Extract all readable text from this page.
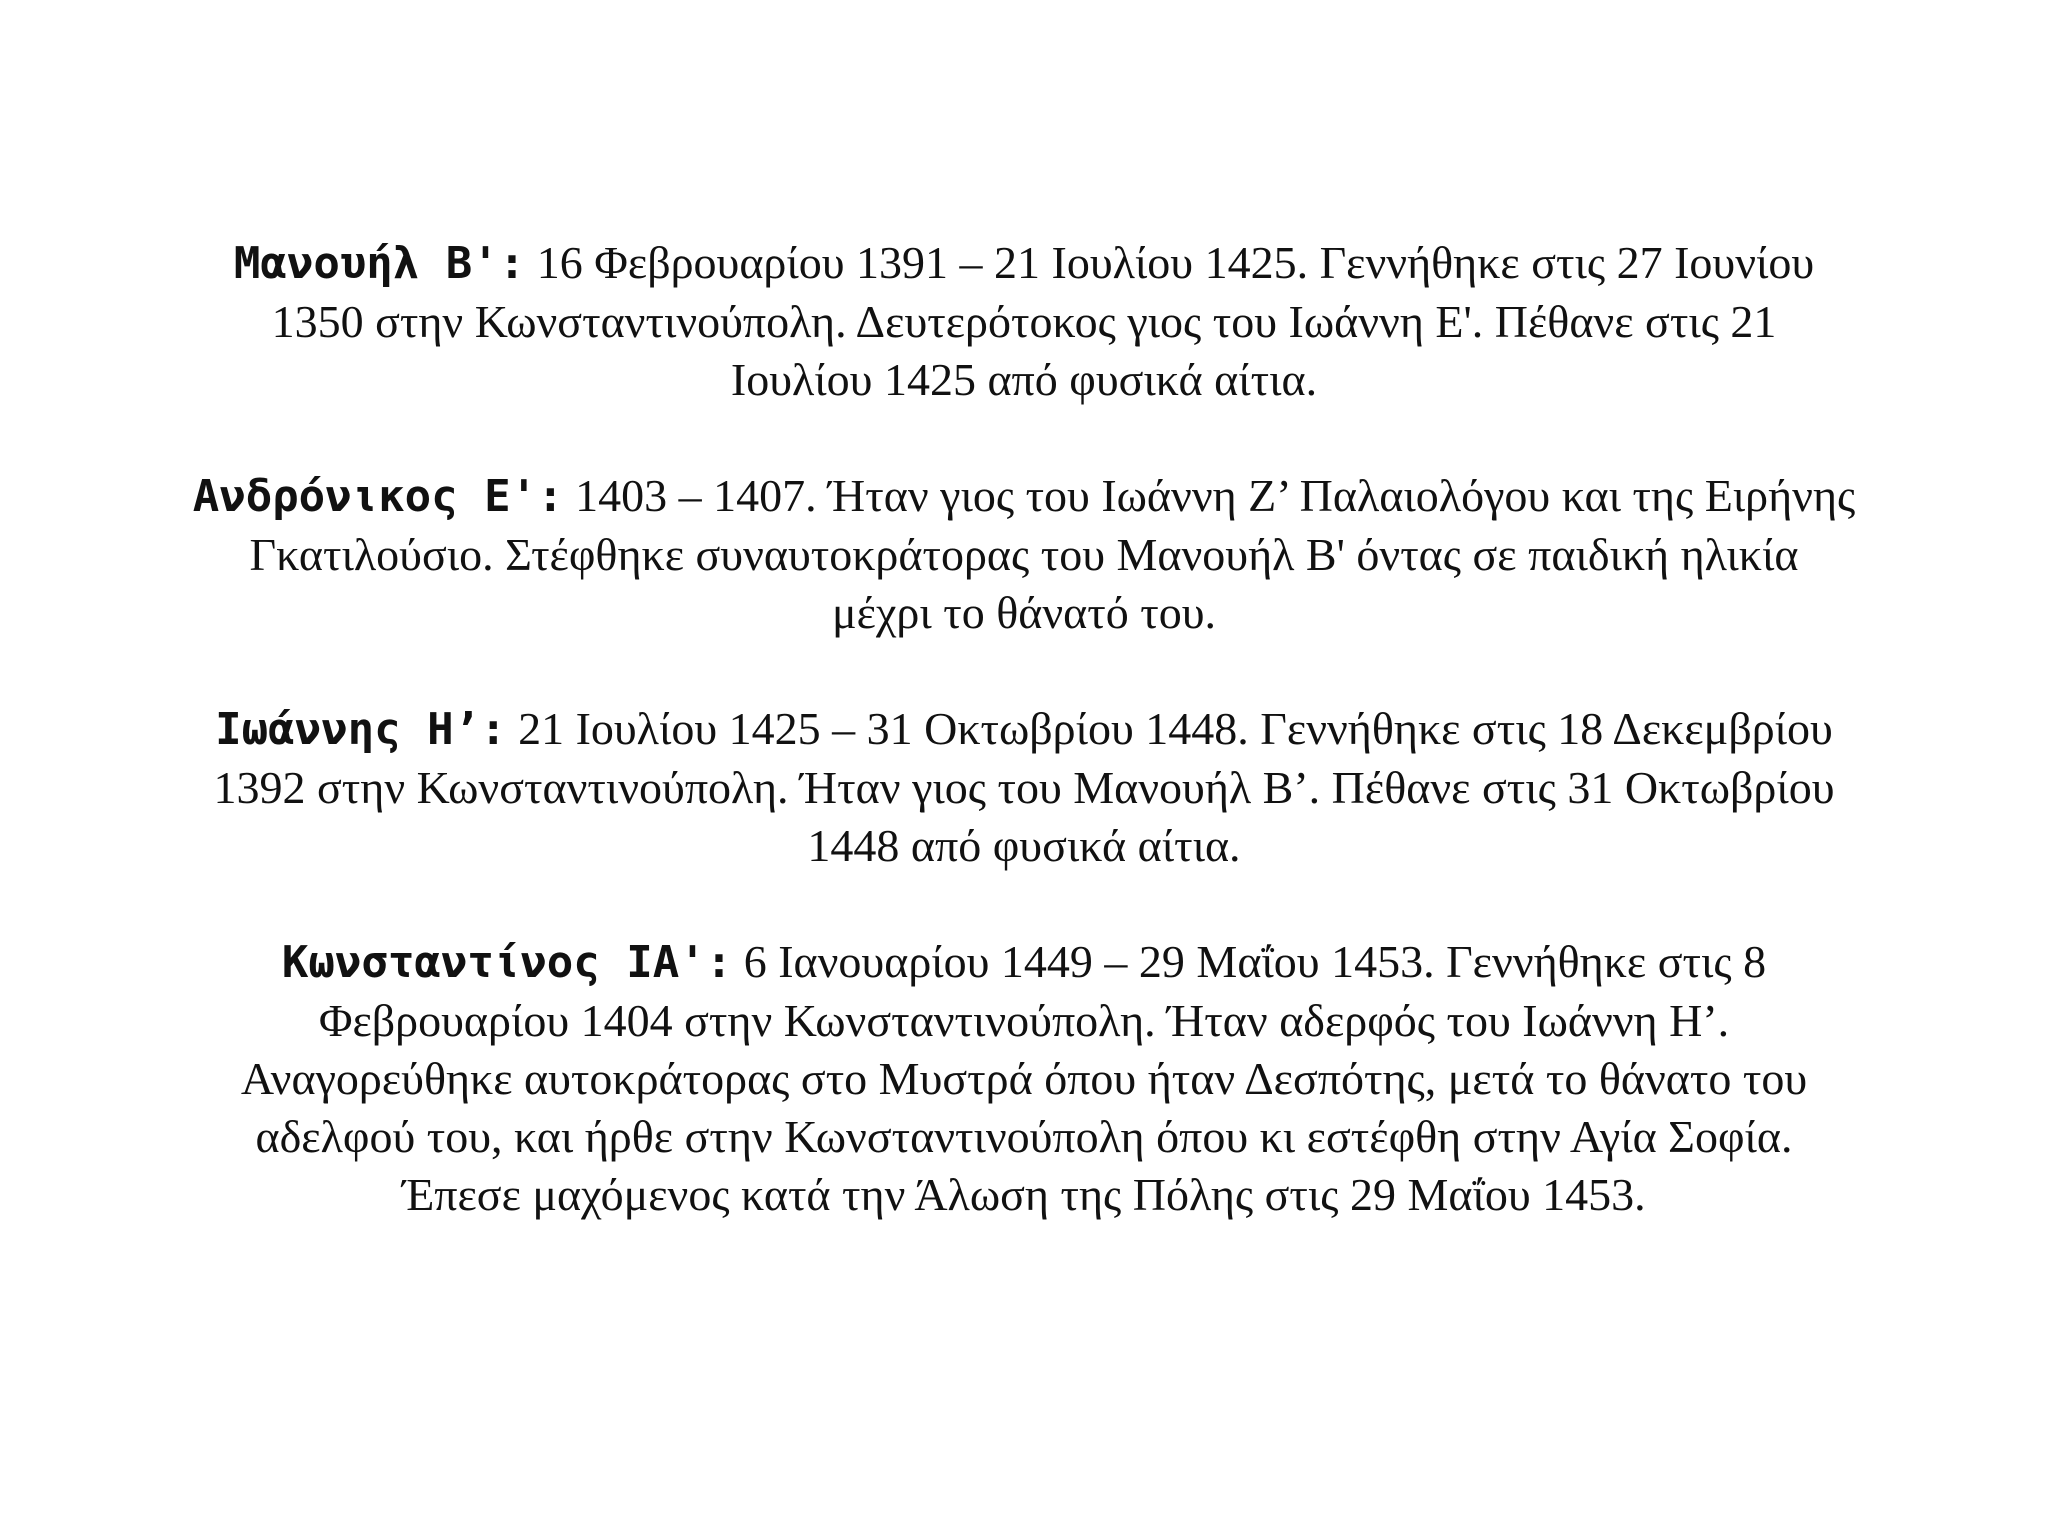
Μανουήλ Β': 16 Φεβρουαρίου 1391 – 21 Ιουλίου 1425. Γεννήθηκε στις 27 Ιουνίου
1350 στην Κωνσταντινούπολη. Δευτερότοκος γιος του Ιωάννη Ε'. Πέθανε στις 21
Ιουλίου 1425 από φυσικά αίτια.
Ανδρόνικος Ε': 1403 – 1407. Ήταν γιος του Ιωάννη Ζ’ Παλαιολόγου και της Ειρήνης
Γκατιλούσιο. Στέφθηκε συναυτοκράτορας του Μανουήλ Β' όντας σε παιδική ηλικία
μέχρι το θάνατό του.
Ιωάννης Η’: 21 Ιουλίου 1425 – 31 Οκτωβρίου 1448. Γεννήθηκε στις 18 Δεκεμβρίου
1392 στην Κωνσταντινούπολη. Ήταν γιος του Μανουήλ Β’. Πέθανε στις 31 Οκτωβρίου
1448 από φυσικά αίτια.
Κωνσταντίνος ΙΑ': 6 Ιανουαρίου 1449 – 29 Μαΐου 1453. Γεννήθηκε στις 8
Φεβρουαρίου 1404 στην Κωνσταντινούπολη. Ήταν αδερφός του Ιωάννη Η’.
Αναγορεύθηκε αυτοκράτορας στο Μυστρά όπου ήταν Δεσπότης, μετά το θάνατο του
αδελφού του, και ήρθε στην Κωνσταντινούπολη όπου κι εστέφθη στην Αγία Σοφία.
Έπεσε μαχόμενος κατά την Άλωση της Πόλης στις 29 Μαΐου 1453.
